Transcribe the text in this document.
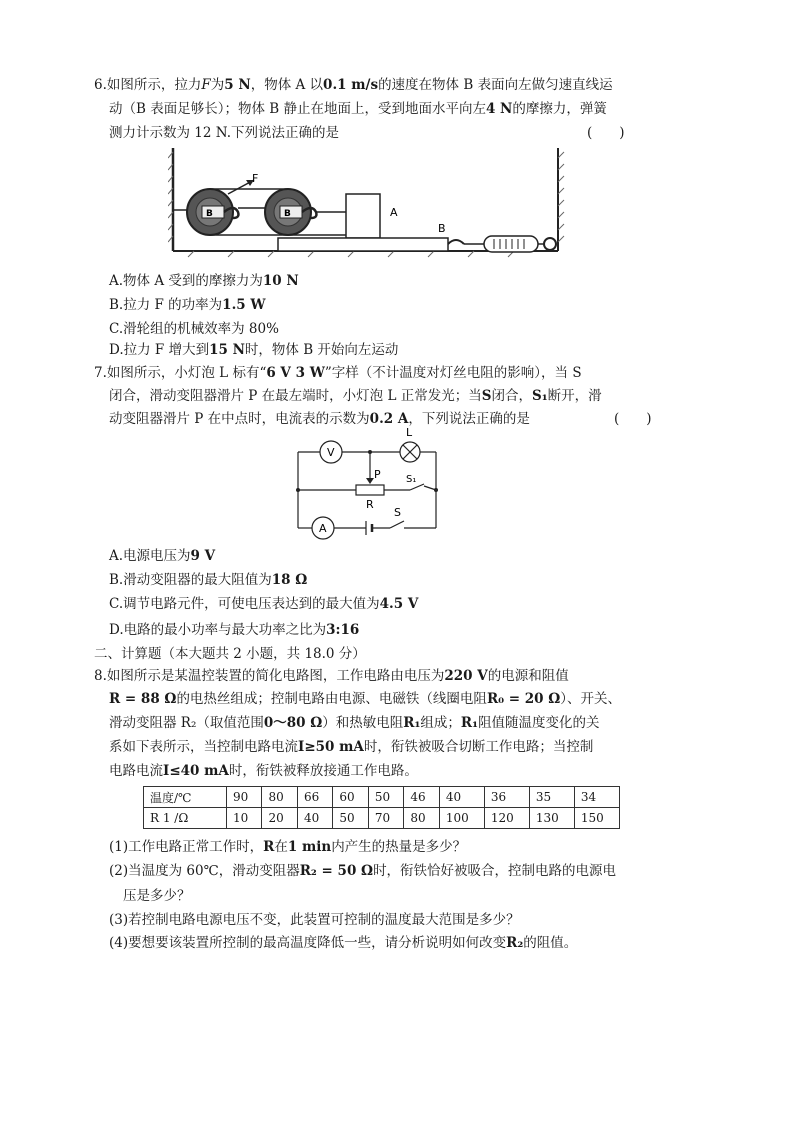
6.如图所示，拉力F为5 N，物体 A 以0.1 m/s的速度在物体 B 表面向左做匀速直线运
动（B 表面足够长）；物体 B 静止在地面上，受到地面水平向左4 N的摩擦力，弹簧
测力计示数为 12 N.下列说法正确的是	(　　)
B
F
B	A
B
A.物体 A 受到的摩擦力为10 N
B.拉力 F 的功率为1.5 W
C.滑轮组的机械效率为 80%
D.拉力 F 增大到15 N时，物体 B 开始向左运动
7.如图所示，小灯泡 L 标有“6 V 3 W”字样（不计温度对灯丝电阻的影响），当 S
闭合，滑动变阻器滑片 P 在最左端时，小灯泡 L 正常发光；当S闭合，S₁断开，滑
动变阻器滑片 P 在中点时，电流表的示数为0.2 A，下列说法正确的是	(　　)
V
L
P
R
S₁
A
S
A.电源电压为9 V
B.滑动变阻器的最大阻值为18 Ω
C.调节电路元件，可使电压表达到的最大值为4.5 V
D.电路的最小功率与最大功率之比为3:16
二、计算题（本大题共 2 小题，共 18.0 分）
8.如图所示是某温控装置的简化电路图，工作电路由电压为220 V的电源和阻值
R = 88 Ω的电热丝组成；控制电路由电源、电磁铁（线圈电阻R₀ = 20 Ω）、开关、
滑动变阻器 R₂（取值范围0～80 Ω）和热敏电阻R₁组成；R₁阻值随温度变化的关
系如下表所示，当控制电路电流I≥50 mA时，衔铁被吸合切断工作电路；当控制
电路电流I≤40 mA时，衔铁被释放接通工作电路。
温度/℃	90	80	66	60	50	46	40	36	35	34
R 1 /Ω	10	20	40	50	70	80	100	120	130	150
(1)工作电路正常工作时，R在1 min内产生的热量是多少？
(2)当温度为 60℃，滑动变阻器R₂ = 50 Ω时，衔铁恰好被吸合，控制电路的电源电
压是多少？
(3)若控制电路电源电压不变，此装置可控制的温度最大范围是多少？
(4)要想要该装置所控制的最高温度降低一些，请分析说明如何改变R₂的阻值。
